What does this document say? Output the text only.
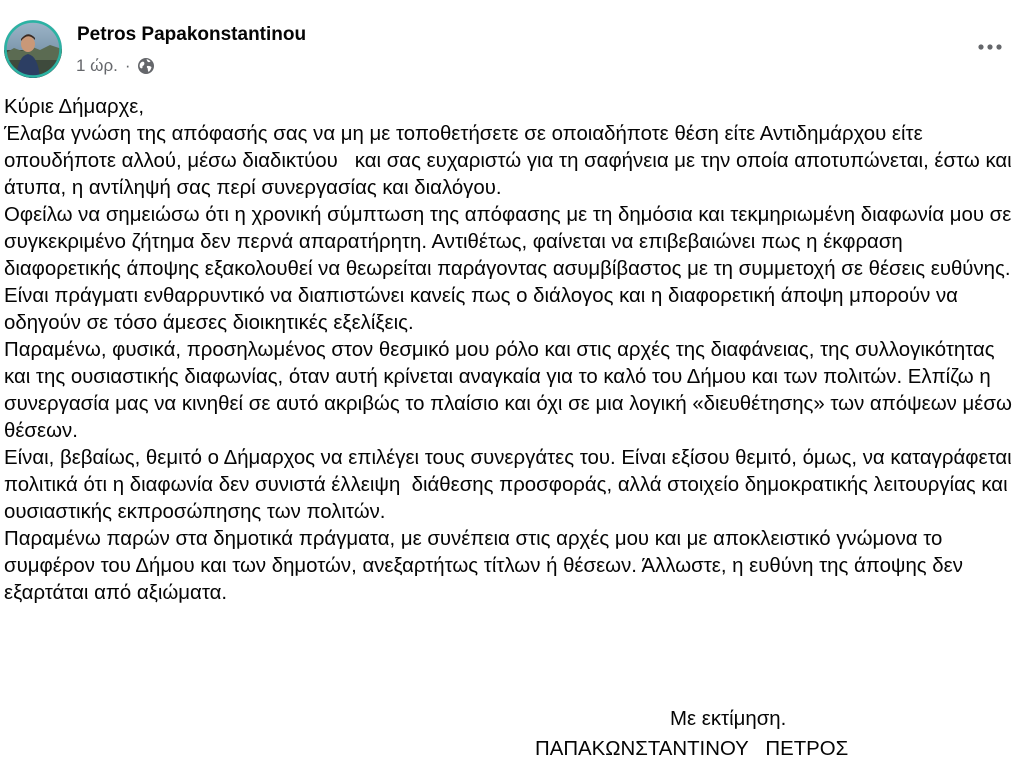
Petros Papakonstantinou
1 ώρ. ·

Κύριε Δήμαρχε,

Έλαβα γνώση της απόφασής σας να μη με τοποθετήσετε σε οποιαδήποτε θέση είτε Αντιδημάρχου είτε οπουδήποτε αλλού, μέσω διαδικτύου   και σας ευχαριστώ για τη σαφήνεια με την οποία αποτυπώνεται, έστω και άτυπα, η αντίληψή σας περί συνεργασίας και διαλόγου.

Οφείλω να σημειώσω ότι η χρονική σύμπτωση της απόφασης με τη δημόσια και τεκμηριωμένη διαφωνία μου σε συγκεκριμένο ζήτημα δεν περνά απαρατήρητη. Αντιθέτως, φαίνεται να επιβεβαιώνει πως η έκφραση διαφορετικής άποψης εξακολουθεί να θεωρείται παράγοντας ασυμβίβαστος με τη συμμετοχή σε θέσεις ευθύνης. Είναι πράγματι ενθαρρυντικό να διαπιστώνει κανείς πως ο διάλογος και η διαφορετική άποψη μπορούν να οδηγούν σε τόσο άμεσες διοικητικές εξελίξεις.

Παραμένω, φυσικά, προσηλωμένος στον θεσμικό μου ρόλο και στις αρχές της διαφάνειας, της συλλογικότητας και της ουσιαστικής διαφωνίας, όταν αυτή κρίνεται αναγκαία για το καλό του Δήμου και των πολιτών. Ελπίζω η συνεργασία μας να κινηθεί σε αυτό ακριβώς το πλαίσιο και όχι σε μια λογική «διευθέτησης» των απόψεων μέσω θέσεων.

Είναι, βεβαίως, θεμιτό ο Δήμαρχος να επιλέγει τους συνεργάτες του. Είναι εξίσου θεμιτό, όμως, να καταγράφεται πολιτικά ότι η διαφωνία δεν συνιστά έλλειψη  διάθεσης προσφοράς, αλλά στοιχείο δημοκρατικής λειτουργίας και ουσιαστικής εκπροσώπησης των πολιτών.

Παραμένω παρών στα δημοτικά πράγματα, με συνέπεια στις αρχές μου και με αποκλειστικό γνώμονα το συμφέρον του Δήμου και των δημοτών, ανεξαρτήτως τίτλων ή θέσεων. Άλλωστε, η ευθύνη της άποψης δεν εξαρτάται από αξιώματα.

Με εκτίμηση.
ΠΑΠΑΚΩΝΣΤΑΝΤΙΝΟΥ   ΠΕΤΡΟΣ
